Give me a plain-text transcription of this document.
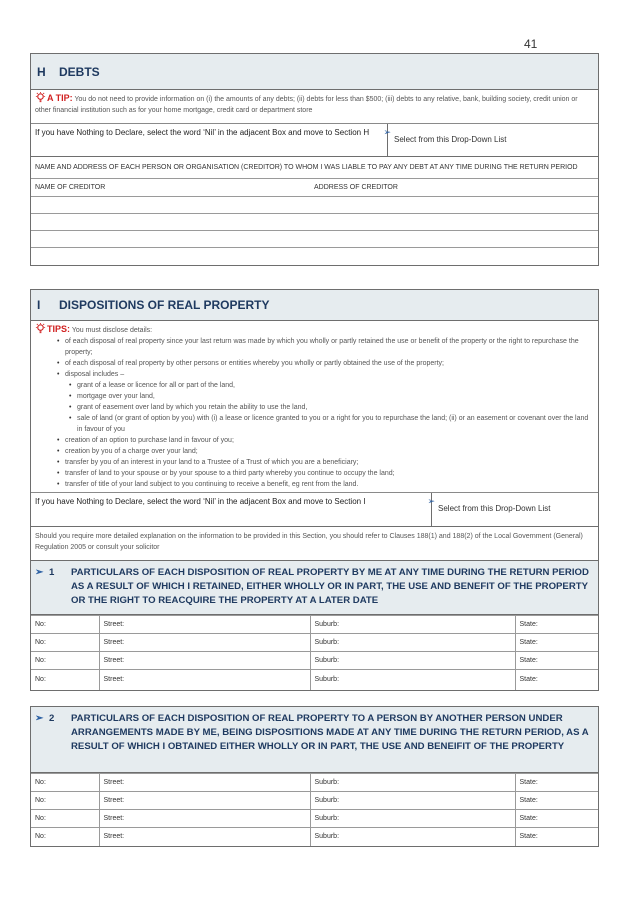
41
H	DEBTS
A TIP: You do not need to provide information on (i) the amounts of any debts; (ii) debts for less than $500; (iii) debts to any relative, bank, building society, credit union or other financial institution such as for your home mortgage, credit card or department store
If you have Nothing to Declare, select the word ‘Nil’ in the adjacent Box and move to Section H ➢
Select from this Drop-Down List
NAME AND ADDRESS OF EACH PERSON OR ORGANISATION (CREDITOR) TO WHOM I WAS LIABLE TO PAY ANY DEBT AT ANY TIME DURING THE RETURN PERIOD
NAME OF CREDITOR	ADDRESS OF CREDITOR
I	DISPOSITIONS OF REAL PROPERTY
TIPS: You must disclose details:
• of each disposal of real property since your last return was made by which you wholly or partly retained the use or benefit of the property or the right to repurchase the property;
• of each disposal of real property by other persons or entities whereby you wholly or partly obtained the use of the property;
• disposal includes –
• grant of a lease or licence for all or part of the land,
• mortgage over your land,
• grant of easement over land by which you retain the ability to use the land,
• sale of land (or grant of option by you) with (i) a lease or licence granted to you or a right for you to repurchase the land; (ii) or an easement or covenant over the land in favour of you
• creation of an option to purchase land in favour of you;
• creation by you of a charge over your land;
• transfer by you of an interest in your land to a Trustee of a Trust of which you are a beneficiary;
• transfer of land to your spouse or by your spouse to a third party whereby you continue to occupy the land;
• transfer of title of your land subject to you continuing to receive a benefit, eg rent from the land.
If you have Nothing to Declare, select the word ‘Nil’ in the adjacent Box and move to Section I	➢
Select from this Drop-Down List
Should you require more detailed explanation on the information to be provided in this Section, you should refer to Clauses 188(1) and 188(2) of the Local Government (General) Regulation 2005 or consult your solicitor
➢ 1	PARTICULARS OF EACH DISPOSITION OF REAL PROPERTY BY ME AT ANY TIME DURING THE RETURN PERIOD AS A RESULT OF WHICH I RETAINED, EITHER WHOLLY OR IN PART, THE USE AND BENEFIT OF THE PROPERTY OR THE RIGHT TO REACQUIRE THE PROPERTY AT A LATER DATE
No:	Street:	Suburb:	State:
No:	Street:	Suburb:	State:
No:	Street:	Suburb:	State:
No:	Street:	Suburb:	State:
➢ 2	PARTICULARS OF EACH DISPOSITION OF REAL PROPERTY TO A PERSON BY ANOTHER PERSON UNDER ARRANGEMENTS MADE BY ME, BEING DISPOSITIONS MADE AT ANY TIME DURING THE RETURN PERIOD, AS A RESULT OF WHICH I OBTAINED EITHER WHOLLY OR IN PART, THE USE AND BENEIFIT OF THE PROPERTY
No:	Street:	Suburb:	State:
No:	Street:	Suburb:	State:
No:	Street:	Suburb:	State:
No:	Street:	Suburb:	State:
